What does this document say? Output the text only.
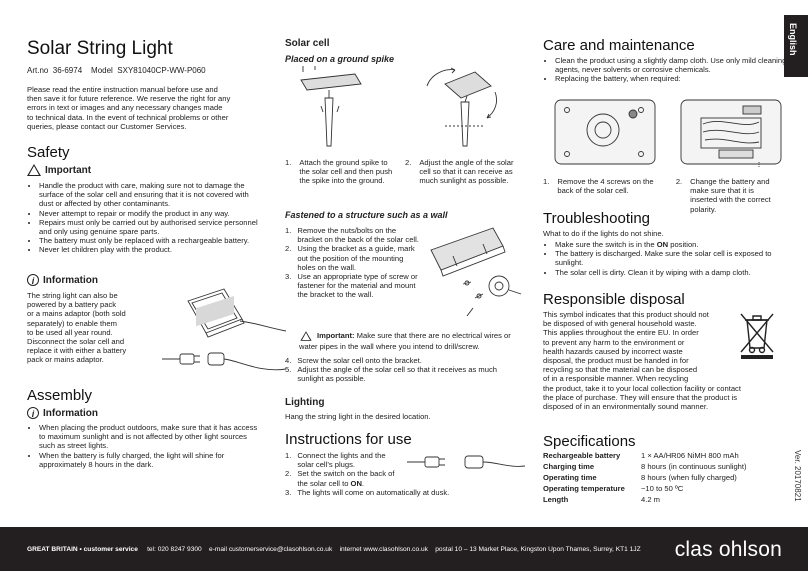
English
Ver. 20170821
Solar String Light
Art.no 36-6974 Model SXY81040CP-WW-P060

Please read the entire instruction manual before use and

then save it for future reference. We reserve the right for any

errors in text or images and any necessary changes made

to technical data. In the event of technical problems or other

queries, please contact our Customer Services.

Safety
Important
• Handle the product with care, making sure not to damage the surface of the solar cell and ensuring that it is not covered with dust or affected by other contaminants.
• Never attempt to repair or modify the product in any way.
• Repairs must only be carried out by authorised service personnel and only using genuine spare parts.
• The battery must only be replaced with a rechargeable battery.
• Never let children play with the product.
i Information

The string light can also be

powered by a battery pack

or a mains adaptor (both sold

separately) to enable them

to be used all year round.

Disconnect the solar cell and

replace it with either a battery

pack or mains adaptor.

Assembly
i Information
• When placing the product outdoors, make sure that it has access to maximum sunlight and is not affected by other light sources such as street lights.
• When the battery is fully charged, the light will shine for approximately 8 hours in the dark.
Solar cell
Placed on a ground spike
1. Attach the ground spike to the solar cell and then push the spike into the ground.
2. Adjust the angle of the solar cell so that it can receive as much sunlight as possible.
Fastened to a structure such as a wall
1. Remove the nuts/bolts on the bracket on the back of the solar cell.
2. Using the bracket as a guide, mark out the position of the mounting holes on the wall.
3. Use an appropriate type of screw or fastener for the material and mount the bracket to the wall.

Important: Make sure that there are no electrical wires or water pipes in the wall where you intend to drill/screw.

4. Screw the solar cell onto the bracket.
5. Adjust the angle of the solar cell so that it receives as much sunlight as possible.
Lighting

Hang the string light in the desired location.

Instructions for use
1. Connect the lights and the solar cell’s plugs.
2. Set the switch on the back of the solar cell to ON.
3. The lights will come on automatically at dusk.
Care and maintenance
• Clean the product using a slightly damp cloth. Use only mild cleaning agents, never solvents or corrosive chemicals.
• Replacing the battery, when required:
1. Remove the 4 screws on the back of the solar cell.
2. Change the battery and make sure that it is inserted with the correct polarity.
Troubleshooting

What to do if the lights do not shine.

• Make sure the switch is in the ON position.
• The battery is discharged. Make sure the solar cell is exposed to sunlight.
• The solar cell is dirty. Clean it by wiping with a damp cloth.
Responsible disposal

This symbol indicates that this product should not

be disposed of with general household waste.

This applies throughout the entire EU. In order

to prevent any harm to the environment or

health hazards caused by incorrect waste

disposal, the product must be handed in for

recycling so that the material can be disposed

of in a responsible manner. When recycling

the product, take it to your local collection facility or contact

the place of purchase. They will ensure that the product is

disposed of in an environmentally sound manner.

Specifications
Rechargeable battery	1 × AA/HR06 NiMH 800 mAh
Charging time	8 hours (in continuous sunlight)
Operating time	8 hours (when fully charged)
Operating temperature	−10 to 50 ºC
Length	4.2 m
GREAT BRITAIN • customer service tel: 020 8247 9300 e-mail customerservice@clasohlson.co.uk internet www.clasohlson.co.uk postal 10 – 13 Market Place, Kingston Upon Thames, Surrey, KT1 1JZ clas ohlson
